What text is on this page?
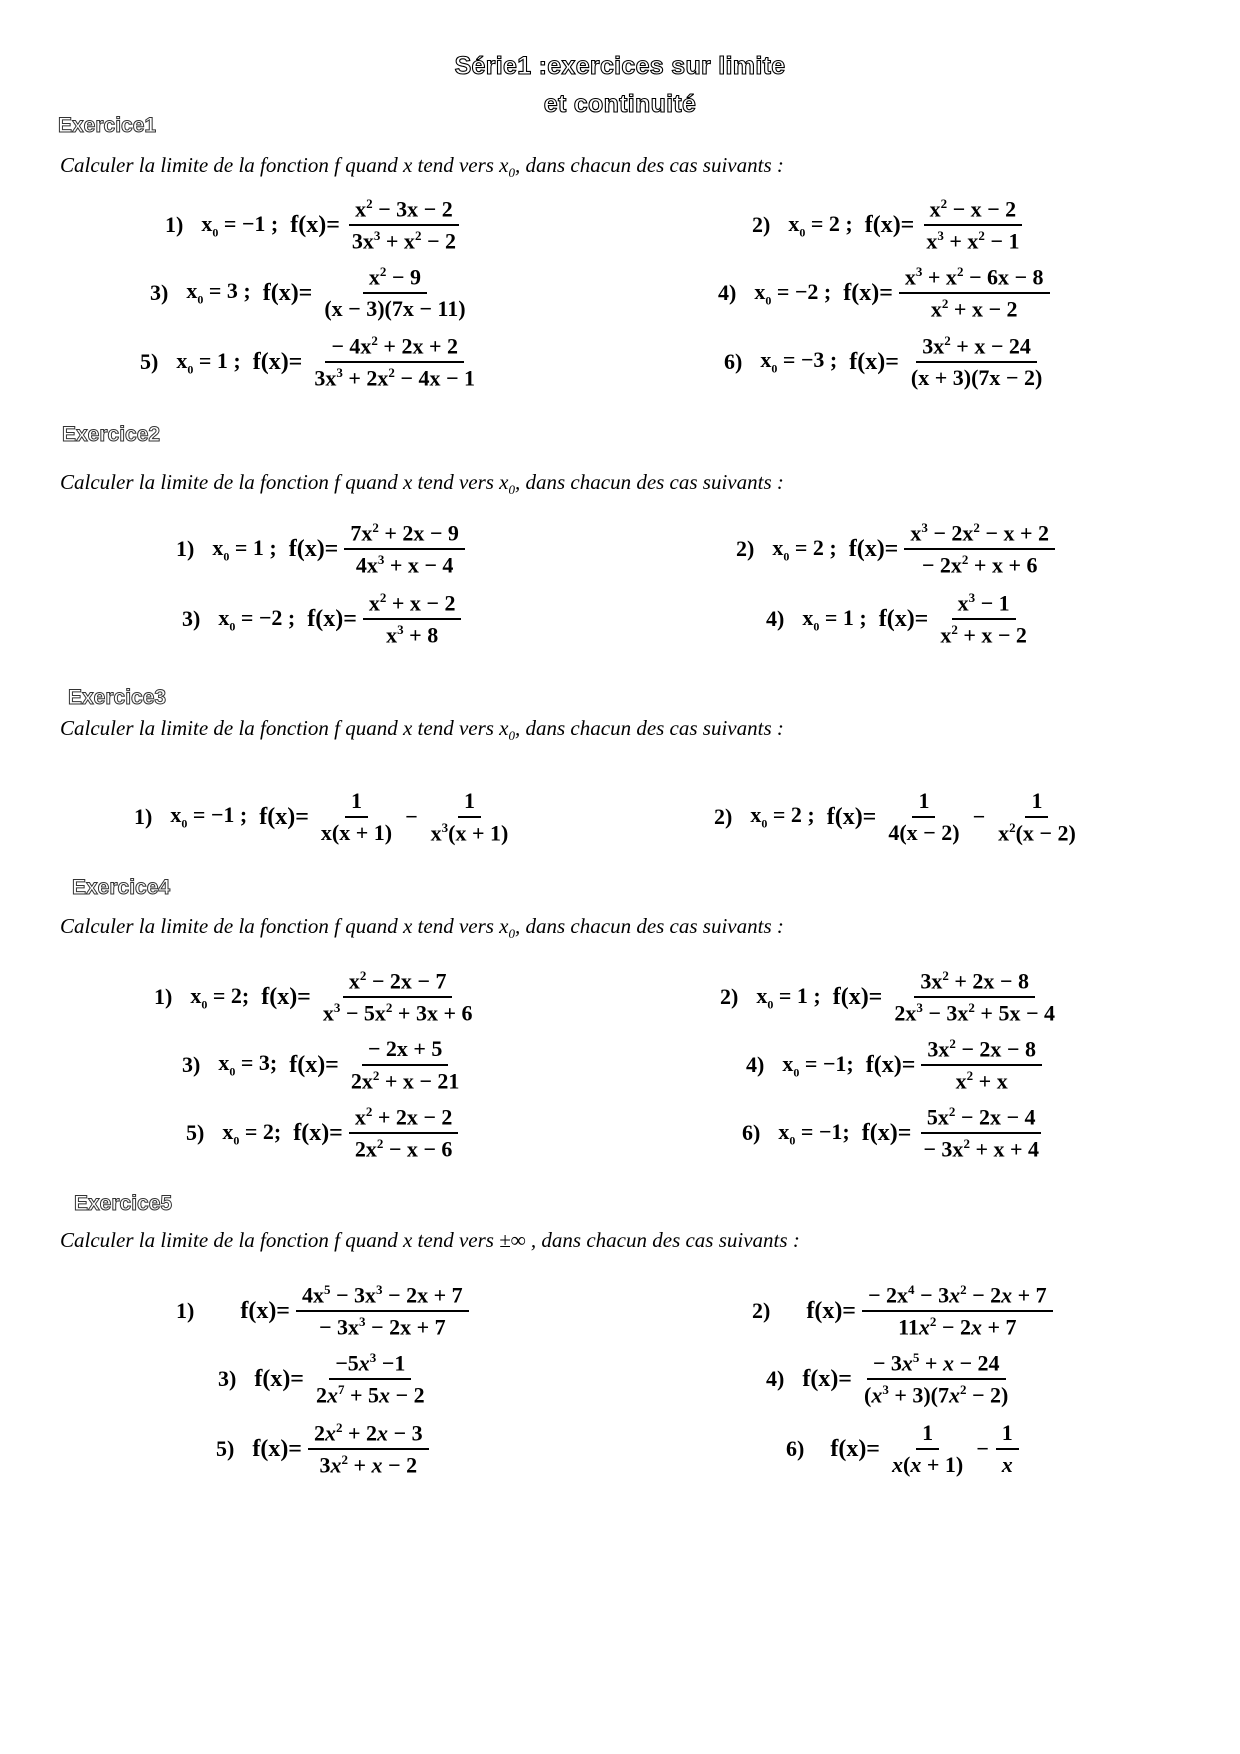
Série1 :exercices sur limite
et continuité
Exercice1
Calculer la limite de la fonction f quand x tend vers $x_0$, dans chacun des cas suivants :
1) $x_0 = -1$ ; $f(x)= \frac{x^2 - 3x - 2}{3x^3 + x^2 - 2}$	2) $x_0 = 2$ ; $f(x)= \frac{x^2 - x - 2}{x^3 + x^2 - 1}$
3) $x_0 = 3$ ; $f(x)= \frac{x^2 - 9}{(x - 3)(7x - 11)}$	4) $x_0 = -2$ ; $f(x)= \frac{x^3 + x^2 - 6x - 8}{x^2 + x - 2}$
5) $x_0 = 1$ ; $f(x)= \frac{- 4x^2 + 2x + 2}{3x^3 + 2x^2 - 4x - 1}$	6) $x_0 = -3$ ; $f(x)= \frac{3x^2 + x - 24}{(x + 3)(7x - 2)}$
Exercice2
Calculer la limite de la fonction f quand x tend vers $x_0$, dans chacun des cas suivants :
1) $x_0 = 1$ ; $f(x)= \frac{7x^2 + 2x - 9}{4x^3 + x - 4}$	2) $x_0 = 2$ ; $f(x)= \frac{x^3 - 2x^2 - x + 2}{- 2x^2 + x + 6}$
3) $x_0 = -2$ ; $f(x)= \frac{x^2 + x - 2}{x^3 + 8}$	4) $x_0 = 1$ ; $f(x)= \frac{x^3 - 1}{x^2 + x - 2}$
Exercice3
Calculer la limite de la fonction f quand x tend vers $x_0$, dans chacun des cas suivants :
1) $x_0 = -1$ ; $f(x)= \frac{1}{x(x + 1)} - \frac{1}{x^3(x + 1)}$	2) $x_0 = 2$ ; $f(x)= \frac{1}{4(x - 2)} - \frac{1}{x^2(x - 2)}$
Exercice4
Calculer la limite de la fonction f quand x tend vers $x_0$, dans chacun des cas suivants :
1) $x_0 = 2$; $f(x)= \frac{x^2 - 2x - 7}{x^3 - 5x^2 + 3x + 6}$	2) $x_0 = 1$ ; $f(x)= \frac{3x^2 + 2x - 8}{2x^3 - 3x^2 + 5x - 4}$
3) $x_0 = 3$; $f(x)= \frac{- 2x + 5}{2x^2 + x - 21}$	4) $x_0 = -1$; $f(x)= \frac{3x^2 - 2x - 8}{x^2 + x}$
5) $x_0 = 2$; $f(x)= \frac{x^2 + 2x - 2}{2x^2 - x - 6}$	6) $x_0 = -1$; $f(x)= \frac{5x^2 - 2x - 4}{- 3x^2 + x + 4}$
Exercice5
Calculer la limite de la fonction f quand x tend vers ±∞ , dans chacun des cas suivants :
1) $f(x)= \frac{4x^5 - 3x^3 - 2x + 7}{- 3x^3 - 2x + 7}$	2) $f(x)= \frac{- 2x^4 - 3x^2 - 2x + 7}{11x^2 - 2x + 7}$
3) $f(x)= \frac{-5x^3 -1}{2x^7 + 5x - 2}$	4) $f(x)= \frac{- 3x^5 + x - 24}{(x^3 + 3)(7x^2 - 2)}$
5) $f(x)= \frac{2x^2 + 2x - 3}{3x^2 + x - 2}$	6) $f(x)= \frac{1}{x(x + 1)} - \frac{1}{x}$
